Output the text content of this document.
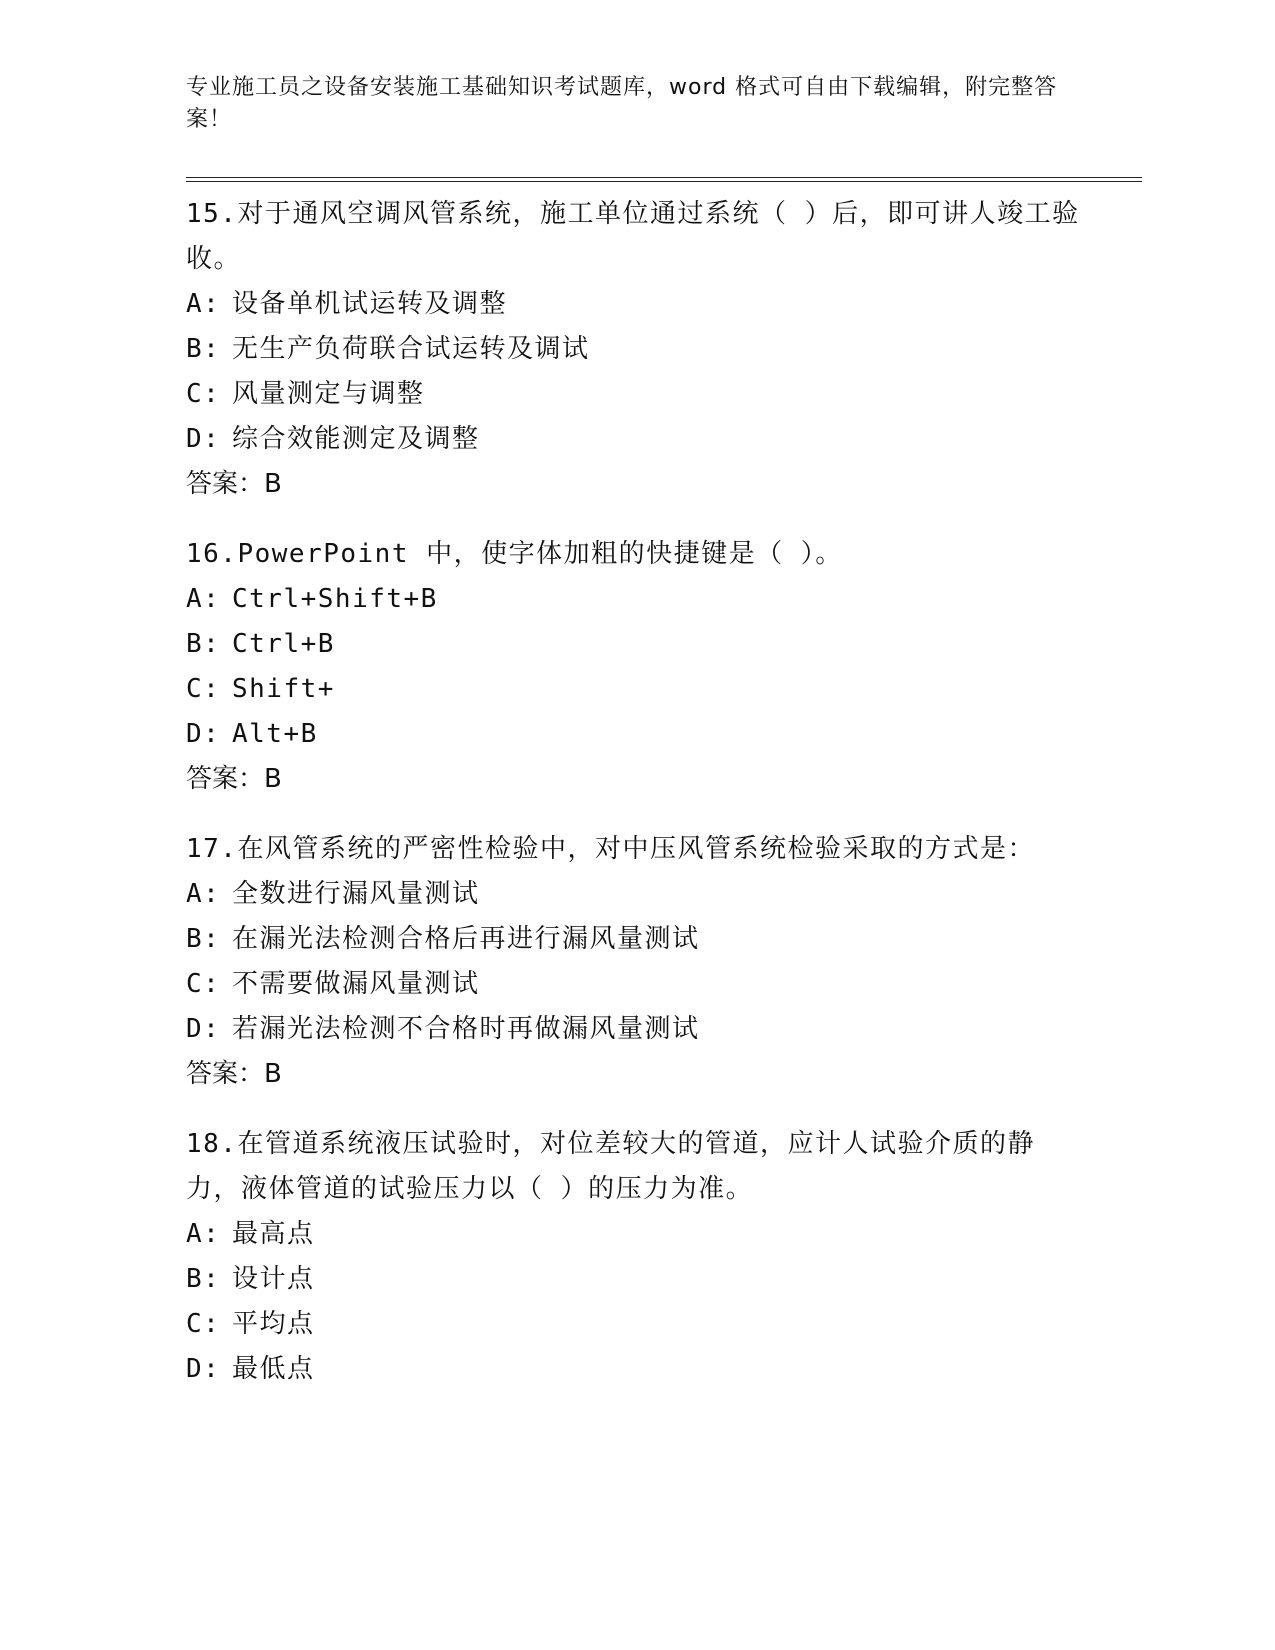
专业施工员之设备安装施工基础知识考试题库，word 格式可自由下载编辑，附完整答案！
15.对于通风空调风管系统，施工单位通过系统（ ）后，即可讲人竣工验收。
A: 设备单机试运转及调整
B: 无生产负荷联合试运转及调试
C: 风量测定与调整
D: 综合效能测定及调整
答案：B
16.PowerPoint 中，使字体加粗的快捷键是（ ）。
A: Ctrl+Shift+B
B: Ctrl+B
C: Shift+
D: Alt+B
答案：B
17.在风管系统的严密性检验中，对中压风管系统检验采取的方式是：
A: 全数进行漏风量测试
B: 在漏光法检测合格后再进行漏风量测试
C: 不需要做漏风量测试
D: 若漏光法检测不合格时再做漏风量测试
答案：B
18.在管道系统液压试验时，对位差较大的管道，应计人试验介质的静力，液体管道的试验压力以（ ）的压力为准。
A: 最高点
B: 设计点
C: 平均点
D: 最低点
